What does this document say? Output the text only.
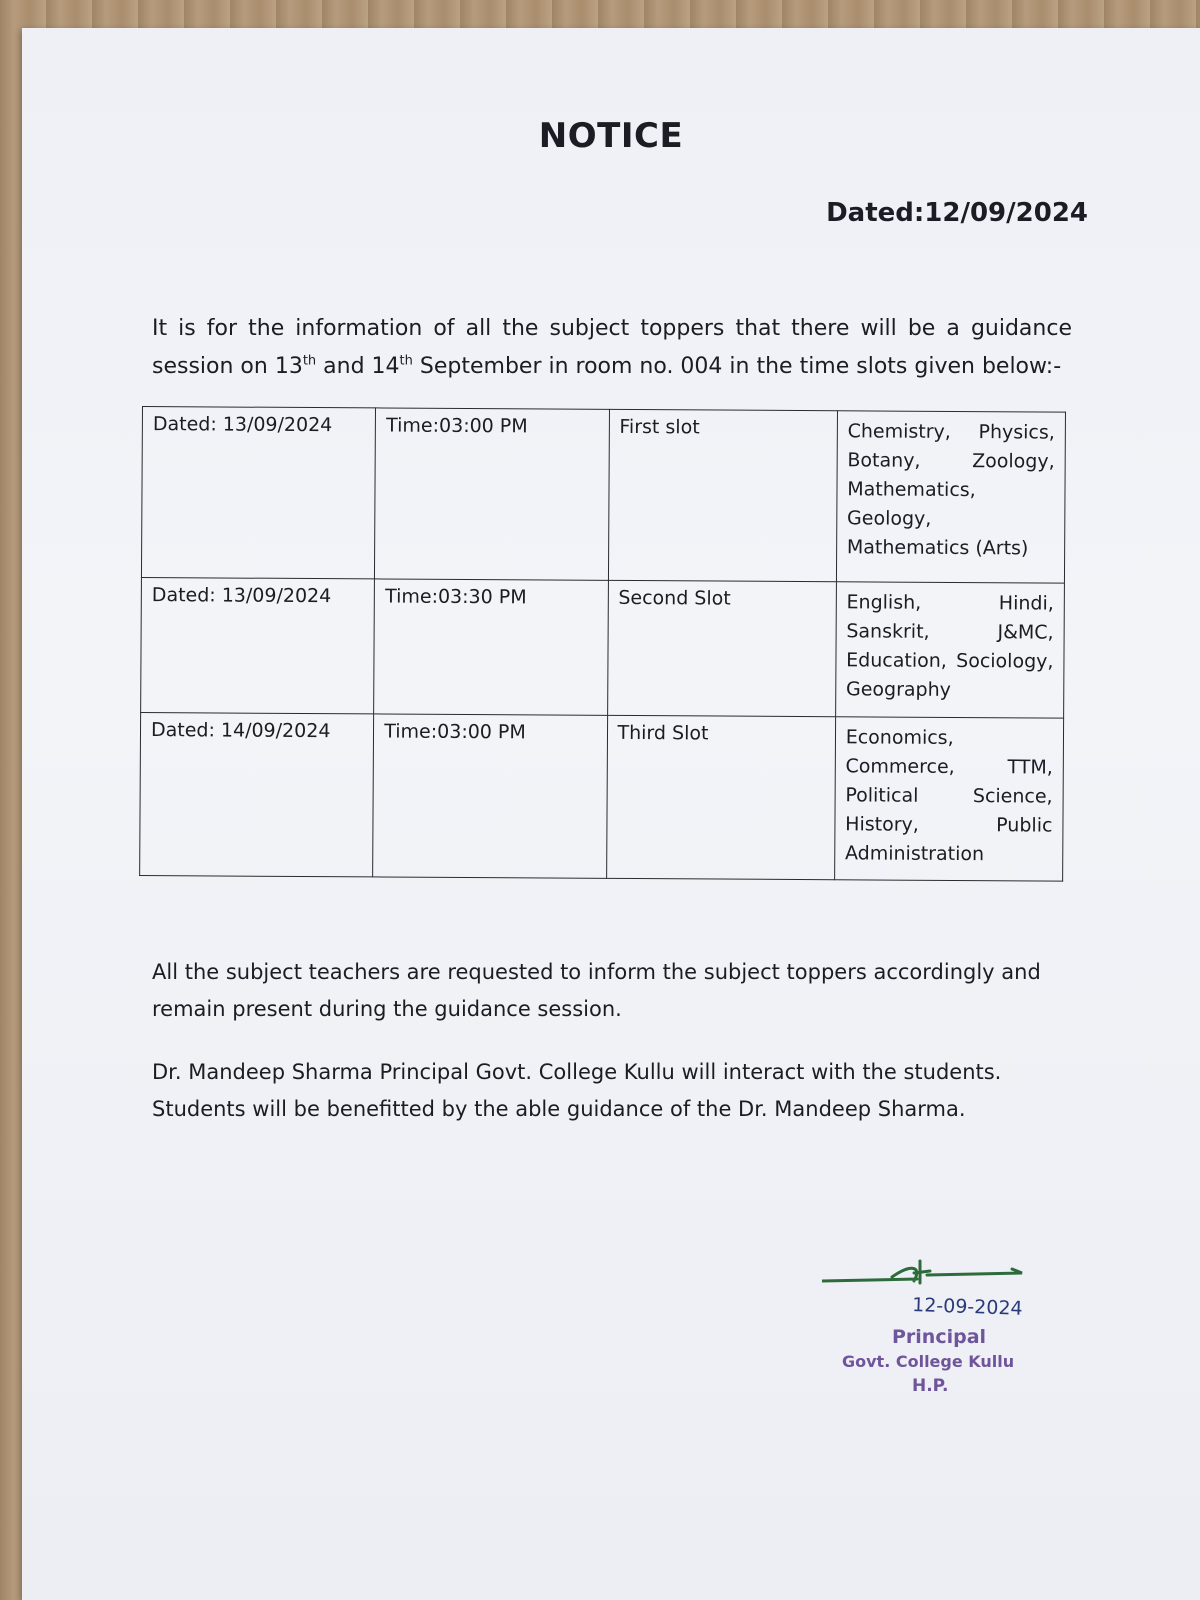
NOTICE
Dated:12/09/2024
It is for the information of all the subject toppers that there will be a guidance session on 13th and 14th September in room no. 004 in the time slots given below:-
Dated: 13/09/2024	Time:03:00 PM	First slot	Chemistry, Physics, Botany, Zoology, Mathematics, Geology, Mathematics (Arts)
Dated: 13/09/2024	Time:03:30 PM	Second Slot	English, Hindi, Sanskrit, J&MC, Education, Sociology, Geography
Dated: 14/09/2024	Time:03:00 PM	Third Slot	Economics, Commerce, TTM, Political Science, History, Public Administration
All the subject teachers are requested to inform the subject toppers accordingly and remain present during the guidance session.
Dr. Mandeep Sharma Principal Govt. College Kullu will interact with the students. Students will be benefitted by the able guidance of the Dr. Mandeep Sharma.
12-09-2024
Principal
Govt. College Kullu
H.P.
